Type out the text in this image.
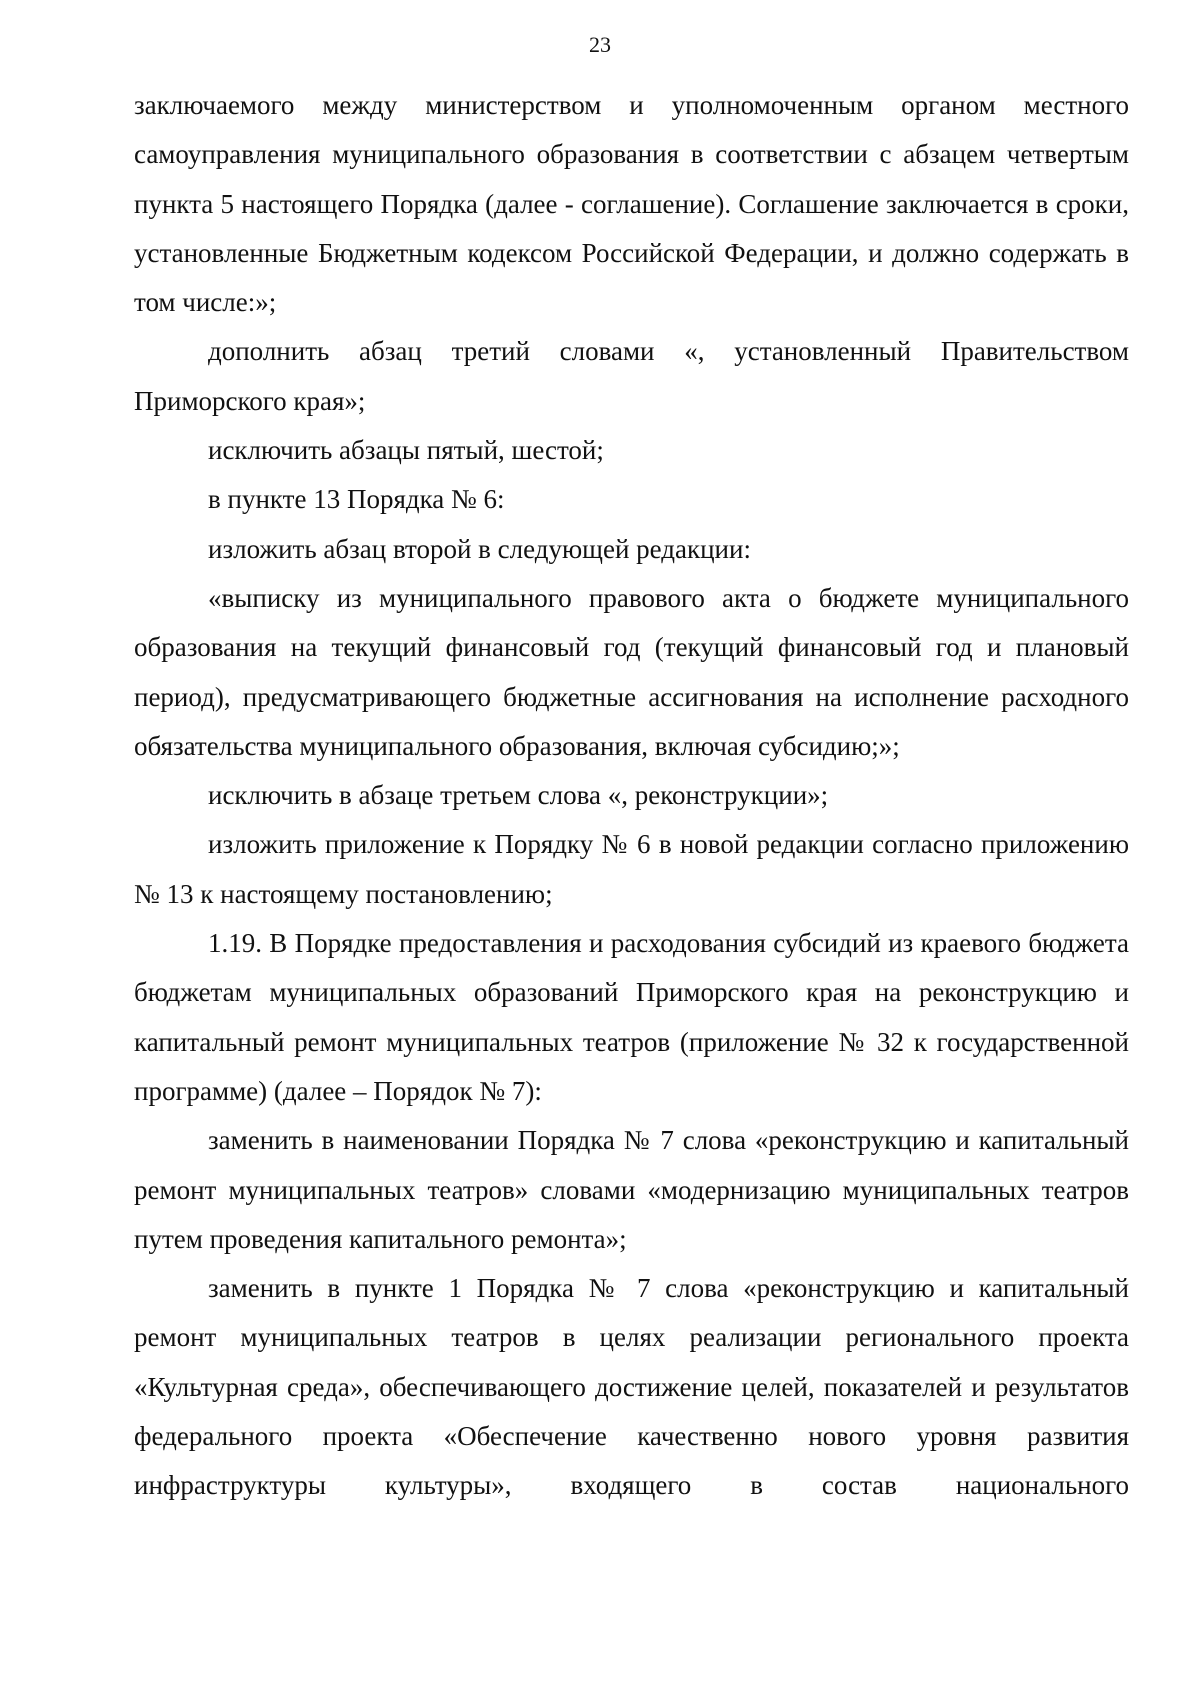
23

заключаемого между министерством и уполномоченным органом местного самоуправления муниципального образования в соответствии с абзацем четвертым пункта 5 настоящего Порядка (далее - соглашение). Соглашение заключается в сроки, установленные Бюджетным кодексом Российской Федерации, и должно содержать в том числе:»;

дополнить абзац третий словами «, установленный Правительством Приморского края»;

исключить абзацы пятый, шестой;

в пункте 13 Порядка № 6:

изложить абзац второй в следующей редакции:

«выписку из муниципального правового акта о бюджете муниципального образования на текущий финансовый год (текущий финансовый год и плановый период), предусматривающего бюджетные ассигнования на исполнение расходного обязательства муниципального образования, включая субсидию;»;

исключить в абзаце третьем слова «, реконструкции»;

изложить приложение к Порядку № 6 в новой редакции согласно приложению № 13 к настоящему постановлению;

1.19. В Порядке предоставления и расходования субсидий из краевого бюджета бюджетам муниципальных образований Приморского края на реконструкцию и капитальный ремонт муниципальных театров (приложение № 32 к государственной программе) (далее – Порядок № 7):

заменить в наименовании Порядка № 7 слова «реконструкцию и капитальный ремонт муниципальных театров» словами «модернизацию муниципальных театров путем проведения капитального ремонта»;

заменить в пункте 1 Порядка № 7 слова «реконструкцию и капитальный ремонт муниципальных театров в целях реализации регионального проекта «Культурная среда», обеспечивающего достижение целей, показателей и результатов федерального проекта «Обеспечение качественно нового уровня развития инфраструктуры культуры», входящего в состав национального
